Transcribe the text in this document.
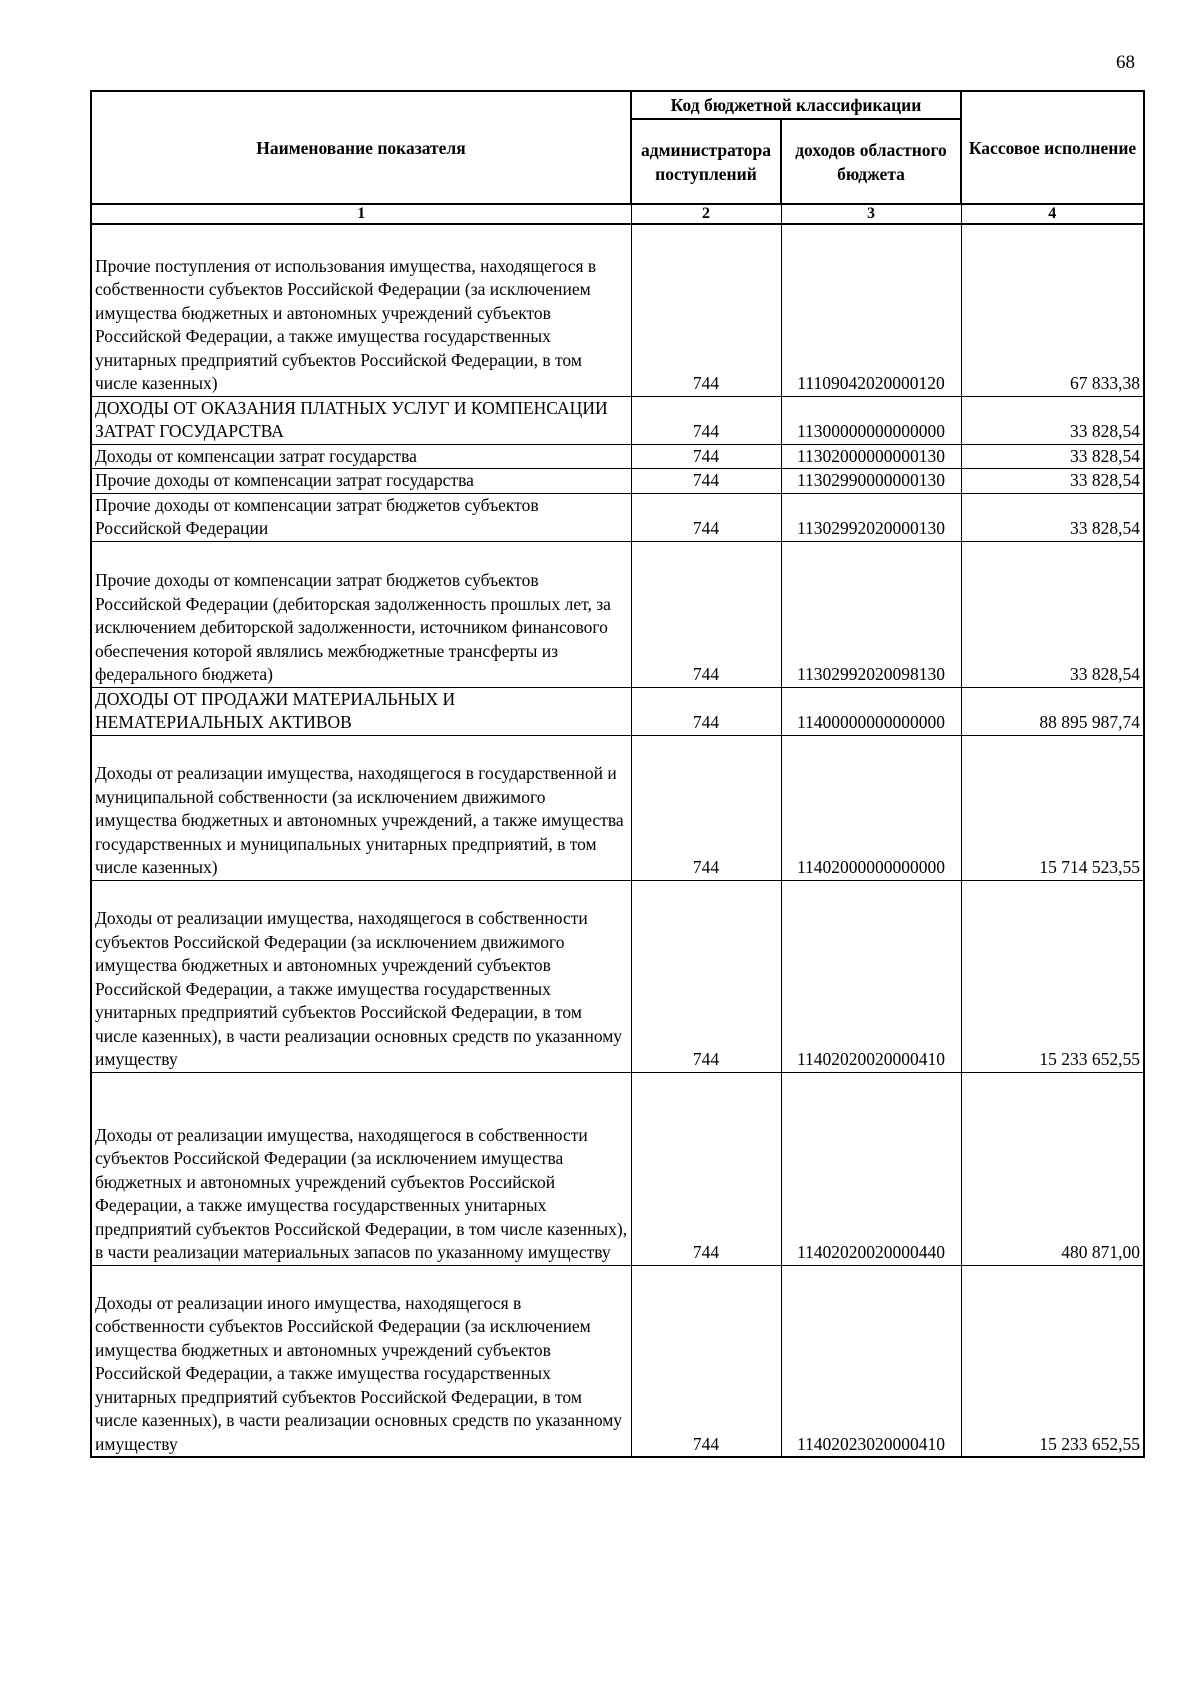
68
Наименование показателя	Код бюджетной классификации		Кассовое исполнение
	администратора поступлений	доходов областного бюджета	
1	2	3	4
Прочие поступления от использования имущества, находящегося в собственности субъектов Российской Федерации (за исключением имущества бюджетных и автономных учреждений субъектов Российской Федерации, а также имущества государственных унитарных предприятий субъектов Российской Федерации, в том числе казенных)	744	11109042020000120	67 833,38
ДОХОДЫ ОТ ОКАЗАНИЯ ПЛАТНЫХ УСЛУГ И КОМПЕНСАЦИИ ЗАТРАТ ГОСУДАРСТВА	744	11300000000000000	33 828,54
Доходы от компенсации затрат государства	744	11302000000000130	33 828,54
Прочие доходы от компенсации затрат государства	744	11302990000000130	33 828,54
Прочие доходы от компенсации затрат бюджетов субъектов Российской Федерации	744	11302992020000130	33 828,54
Прочие доходы от компенсации затрат бюджетов субъектов Российской Федерации (дебиторская задолженность прошлых лет, за исключением дебиторской задолженности, источником финансового обеспечения которой являлись межбюджетные трансферты из федерального бюджета)	744	11302992020098130	33 828,54
ДОХОДЫ ОТ ПРОДАЖИ МАТЕРИАЛЬНЫХ И НЕМАТЕРИАЛЬНЫХ АКТИВОВ	744	11400000000000000	88 895 987,74
Доходы от реализации имущества, находящегося в государственной и муниципальной собственности (за исключением движимого имущества бюджетных и автономных учреждений, а также имущества государственных и муниципальных унитарных предприятий, в том числе казенных)	744	11402000000000000	15 714 523,55
Доходы от реализации имущества, находящегося в собственности субъектов Российской Федерации (за исключением движимого имущества бюджетных и автономных учреждений субъектов Российской Федерации, а также имущества государственных унитарных предприятий субъектов Российской Федерации, в том числе казенных), в части реализации основных средств по указанному имуществу	744	11402020020000410	15 233 652,55
Доходы от реализации имущества, находящегося в собственности субъектов Российской Федерации (за исключением имущества бюджетных и автономных учреждений субъектов Российской Федерации, а также имущества государственных унитарных предприятий субъектов Российской Федерации, в том числе казенных), в части реализации материальных запасов по указанному имуществу	744	11402020020000440	480 871,00
Доходы от реализации иного имущества, находящегося в собственности субъектов Российской Федерации (за исключением имущества бюджетных и автономных учреждений субъектов Российской Федерации, а также имущества государственных унитарных предприятий субъектов Российской Федерации, в том числе казенных), в части реализации основных средств по указанному имуществу	744	11402023020000410	15 233 652,55
